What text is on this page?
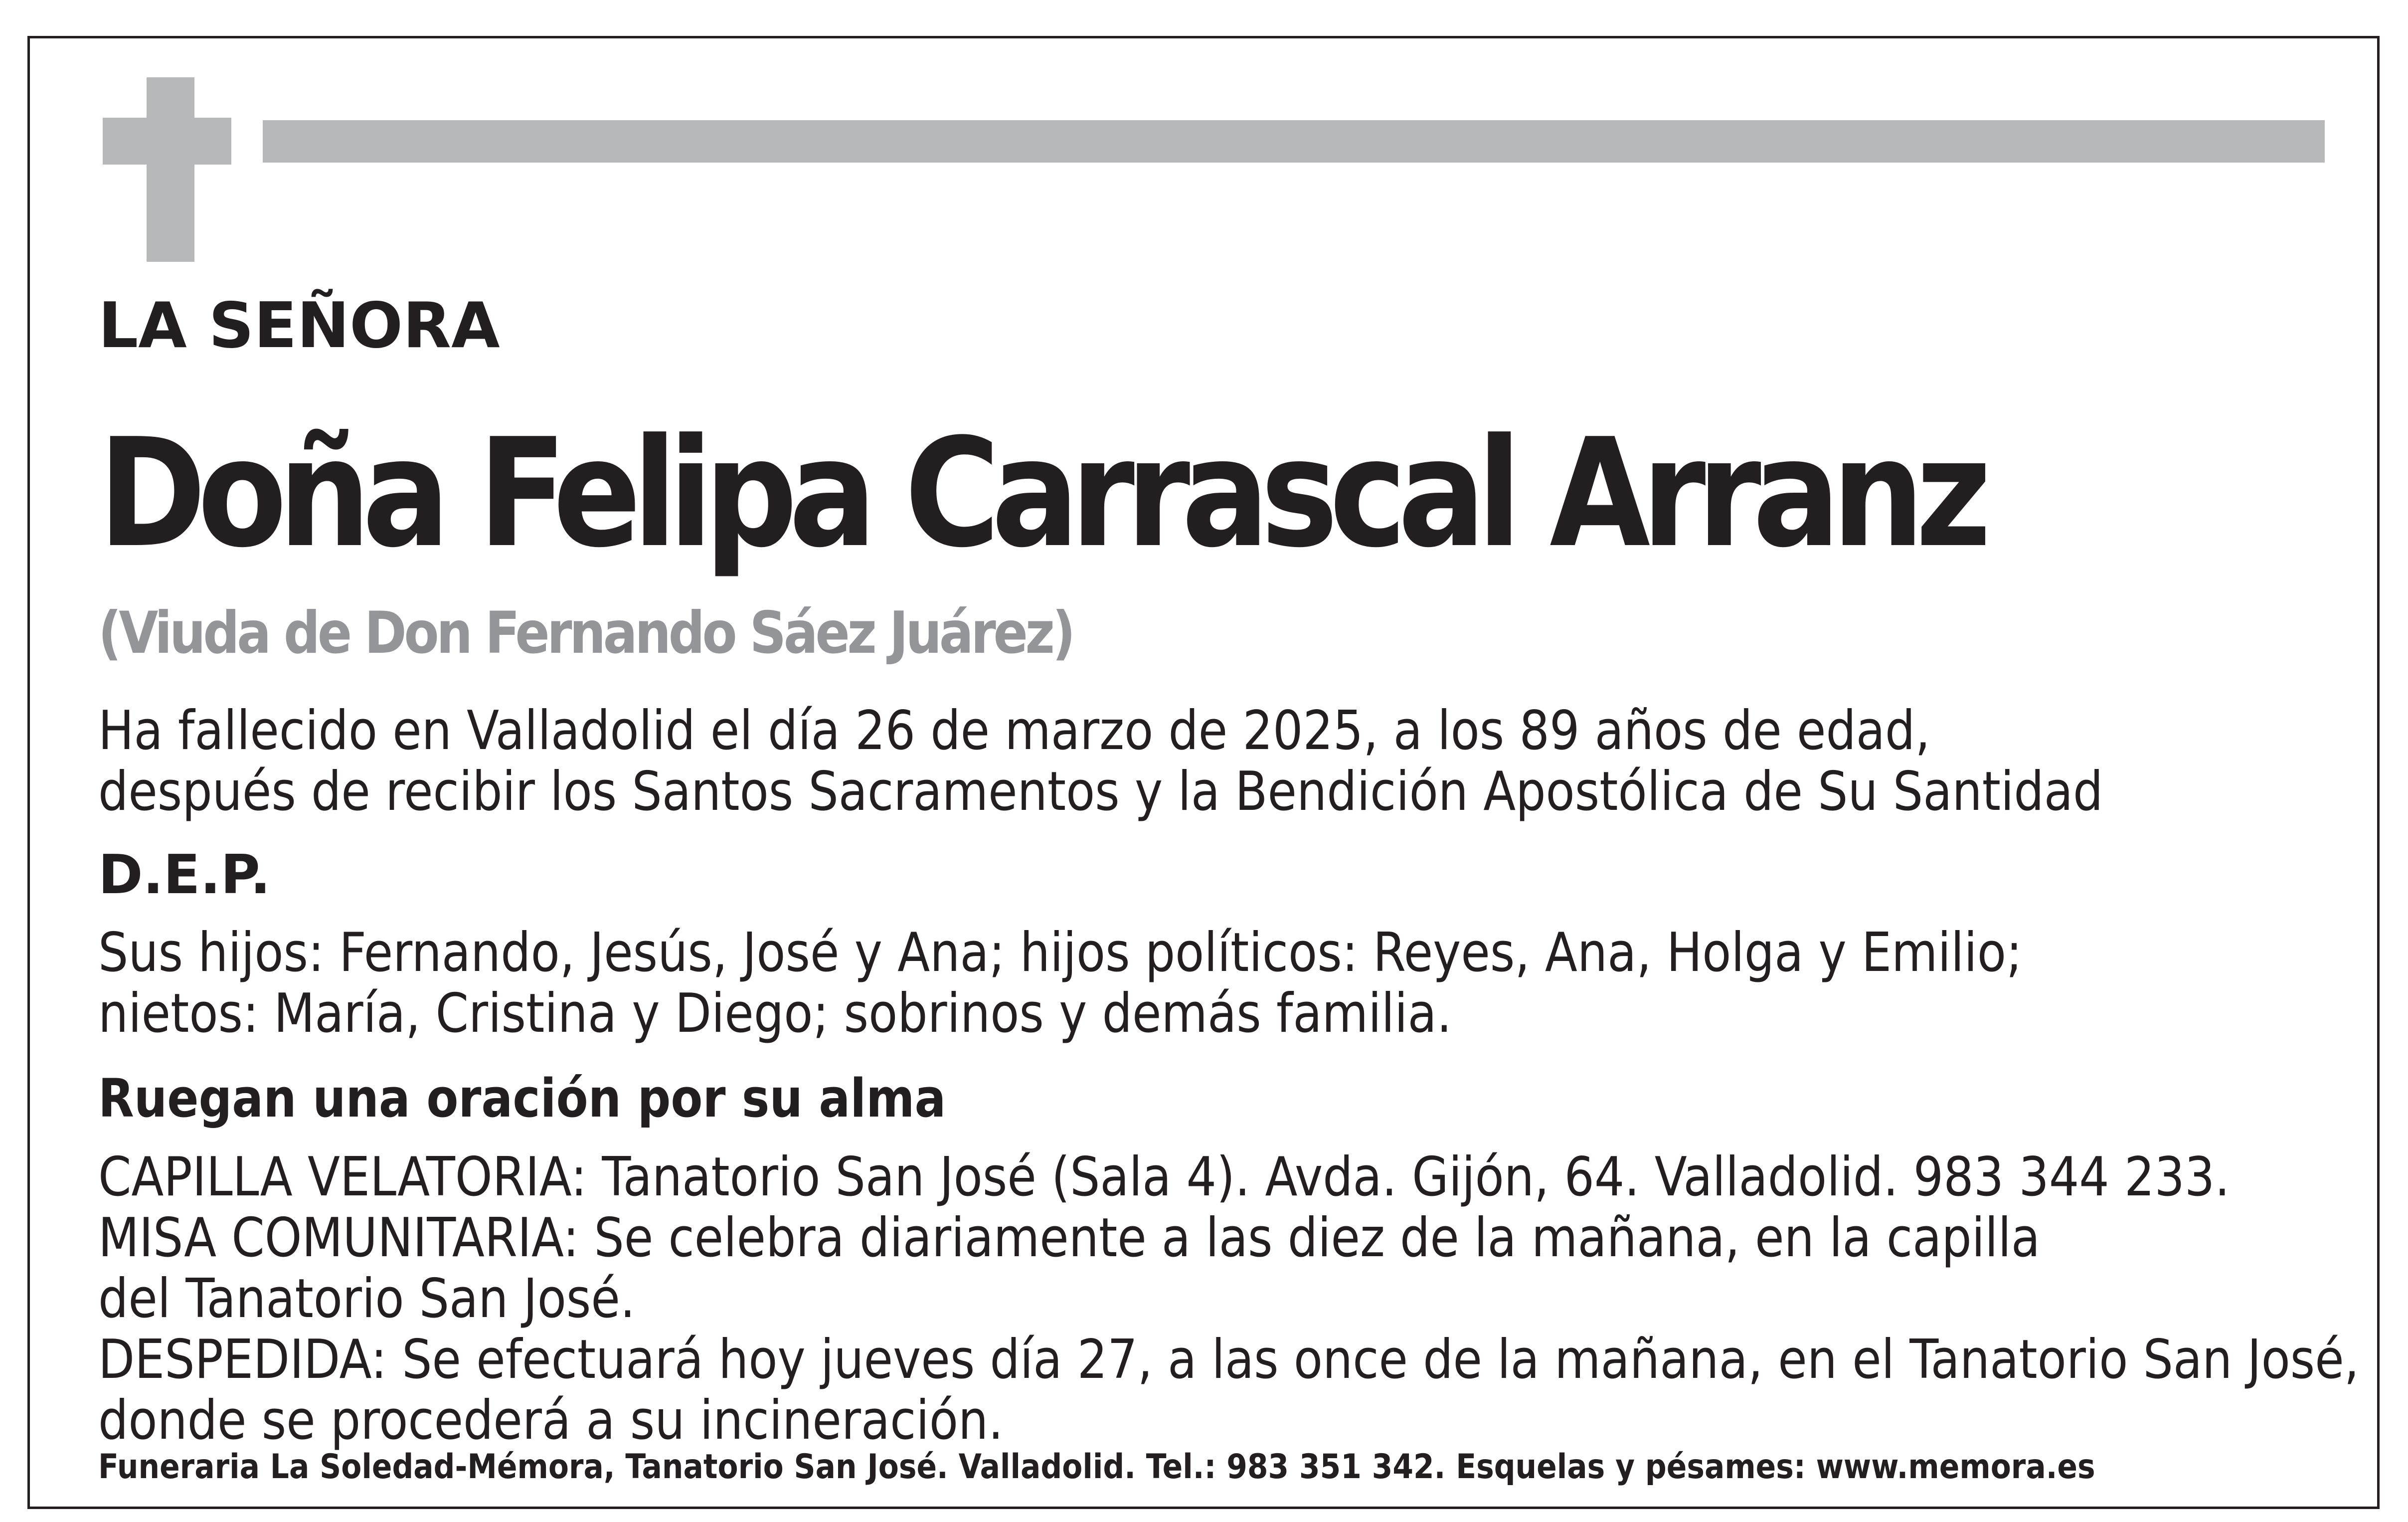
LA SEÑORA

Doña Felipa Carrascal Arranz

(Viuda de Don Fernando Sáez Juárez)

Ha fallecido en Valladolid el día 26 de marzo de 2025, a los 89 años de edad,
después de recibir los Santos Sacramentos y la Bendición Apostólica de Su Santidad

D.E.P.

Sus hijos: Fernando, Jesús, José y Ana; hijos políticos: Reyes, Ana, Holga y Emilio;
nietos: María, Cristina y Diego; sobrinos y demás familia.

Ruegan una oración por su alma

CAPILLA VELATORIA: Tanatorio San José (Sala 4). Avda. Gijón, 64. Valladolid. 983 344 233.
MISA COMUNITARIA: Se celebra diariamente a las diez de la mañana, en la capilla
del Tanatorio San José.
DESPEDIDA: Se efectuará hoy jueves día 27, a las once de la mañana, en el Tanatorio San José,
donde se procederá a su incineración.

Funeraria La Soledad-Mémora, Tanatorio San José. Valladolid. Tel.: 983 351 342. Esquelas y pésames: www.memora.es
